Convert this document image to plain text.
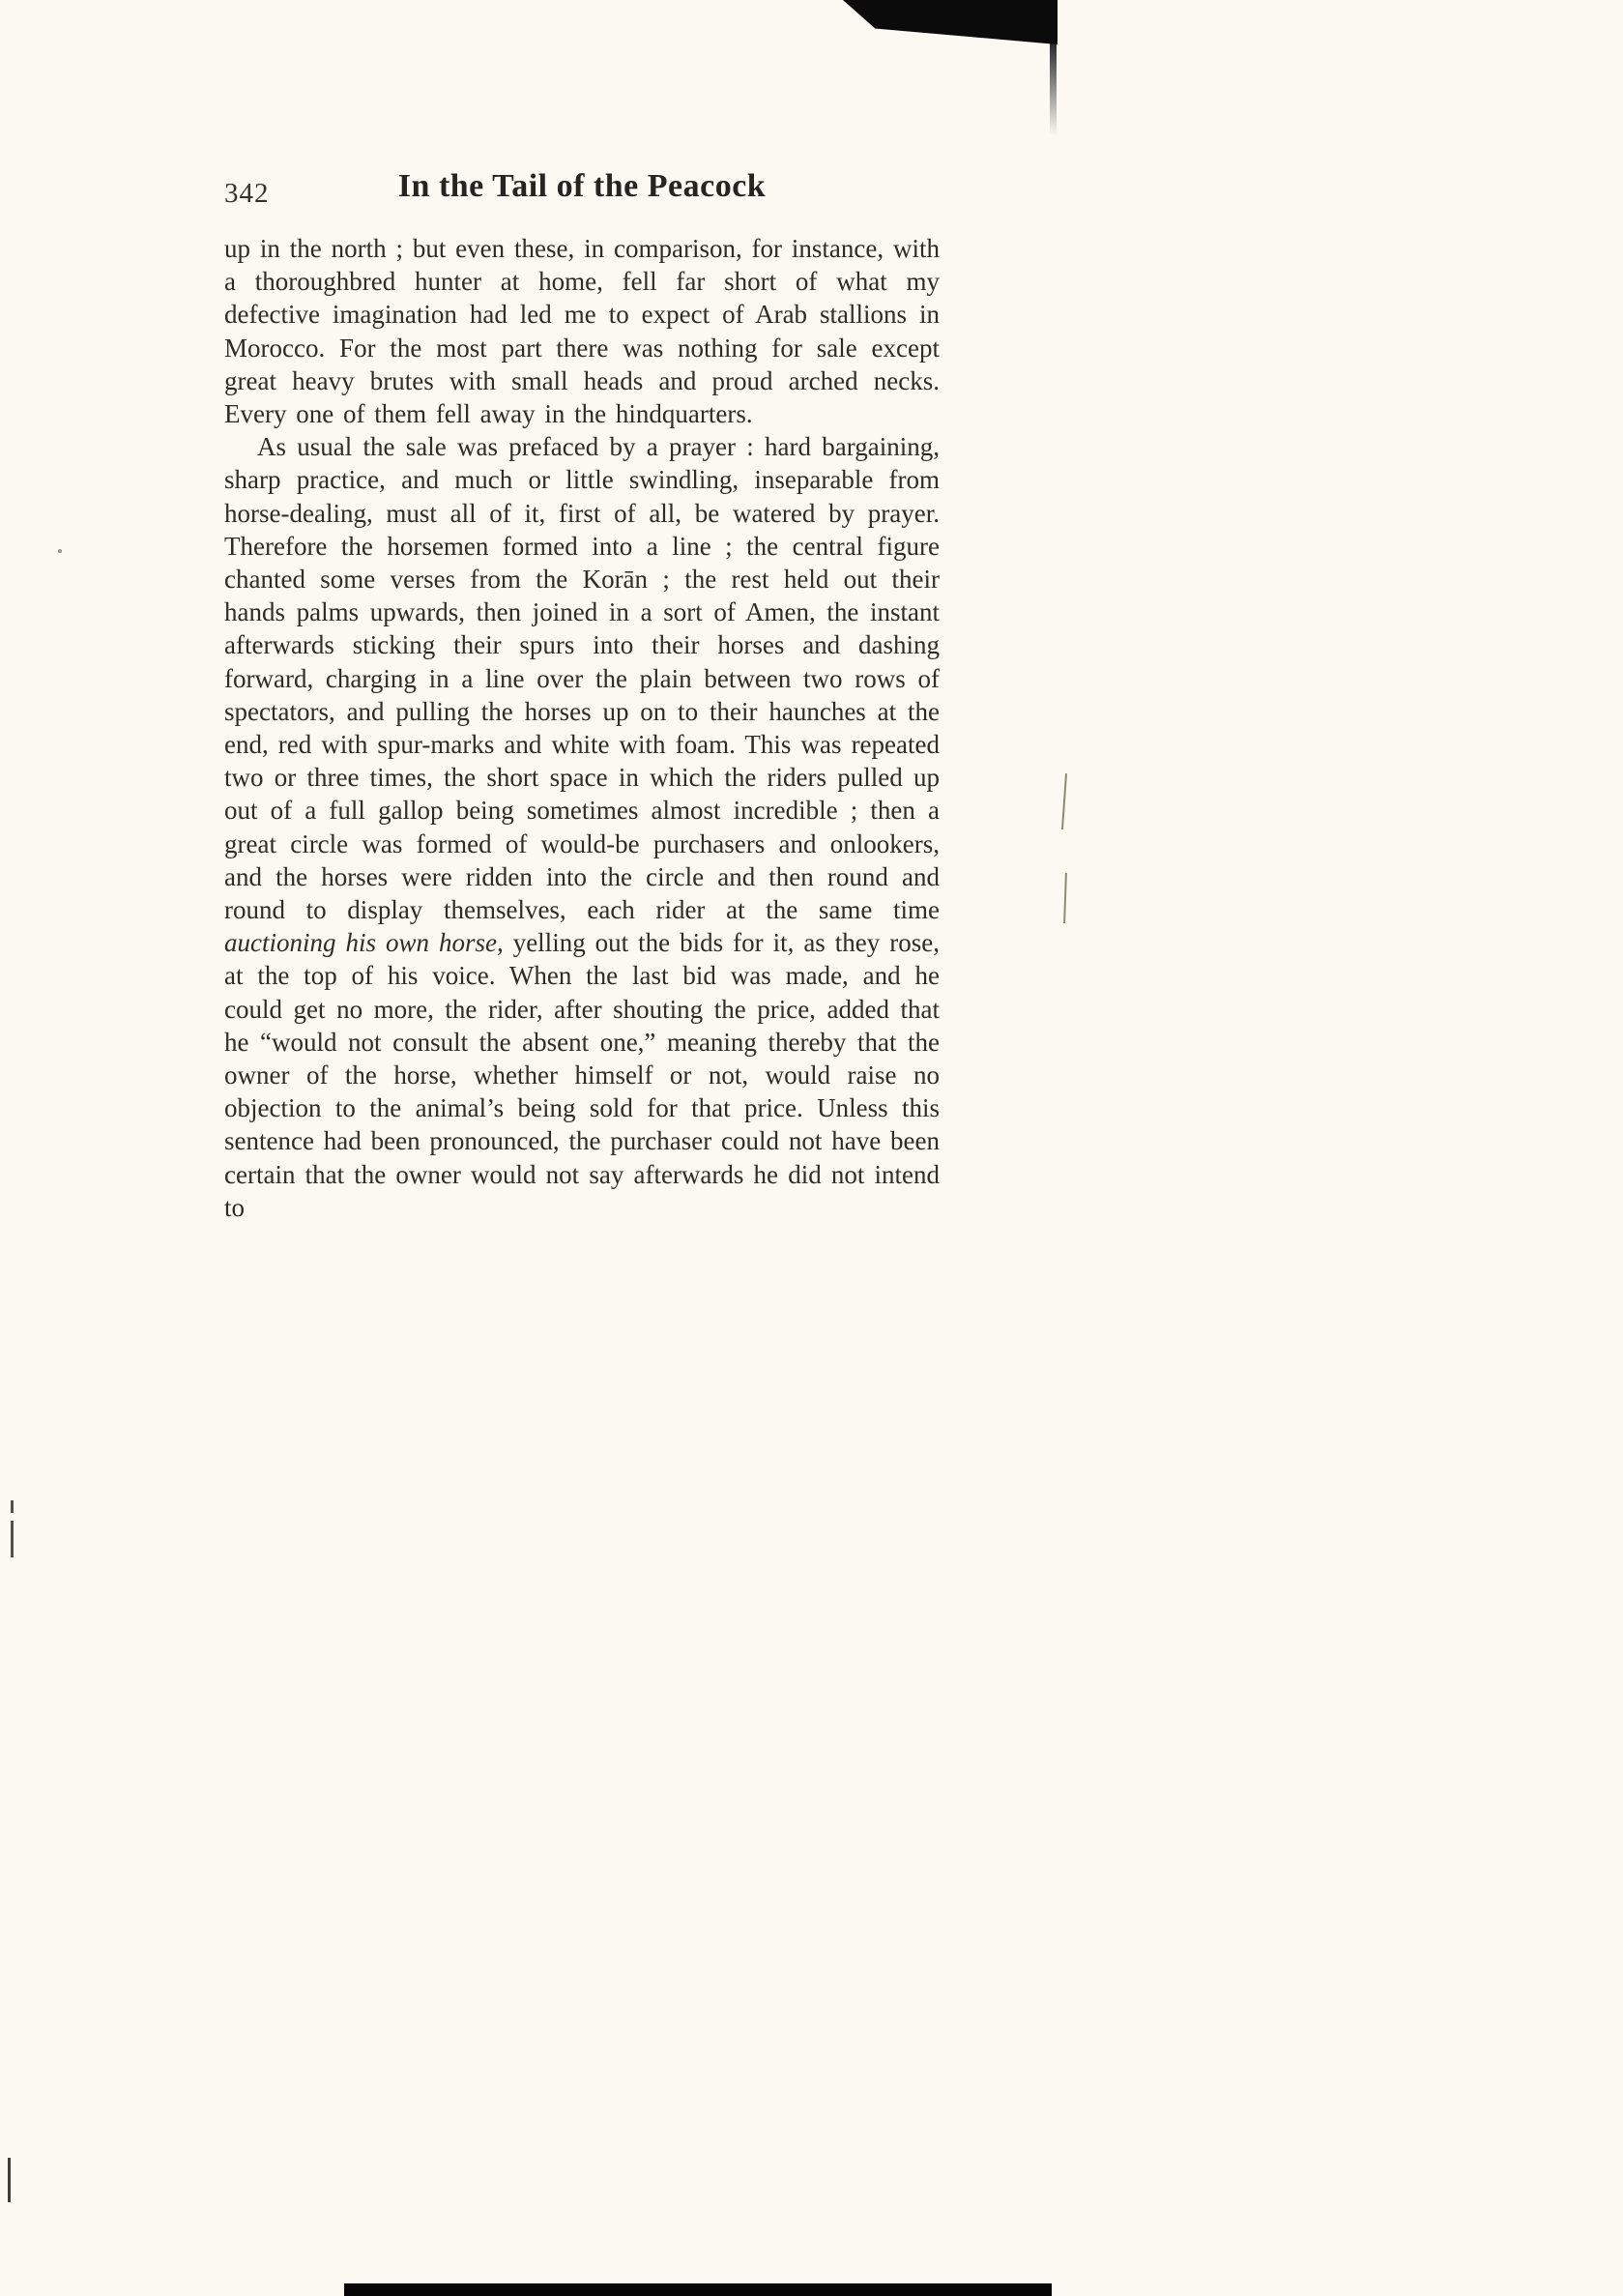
342	In the Tail of the Peacock

up in the north ; but even these, in comparison, for instance, with a thoroughbred hunter at home, fell far short of what my defective imagination had led me to expect of Arab stallions in Morocco. For the most part there was nothing for sale except great heavy brutes with small heads and proud arched necks. Every one of them fell away in the hindquarters.

As usual the sale was prefaced by a prayer : hard bargaining, sharp practice, and much or little swindling, inseparable from horse-dealing, must all of it, first of all, be watered by prayer. Therefore the horsemen formed into a line ; the central figure chanted some verses from the Korān ; the rest held out their hands palms upwards, then joined in a sort of Amen, the instant afterwards sticking their spurs into their horses and dashing forward, charging in a line over the plain between two rows of spectators, and pulling the horses up on to their haunches at the end, red with spur-marks and white with foam. This was repeated two or three times, the short space in which the riders pulled up out of a full gallop being sometimes almost incredible ; then a great circle was formed of would-be purchasers and onlookers, and the horses were ridden into the circle and then round and round to display themselves, each rider at the same time auctioning his own horse, yelling out the bids for it, as they rose, at the top of his voice. When the last bid was made, and he could get no more, the rider, after shouting the price, added that he “would not consult the absent one,” meaning thereby that the owner of the horse, whether himself or not, would raise no objection to the animal’s being sold for that price. Unless this sentence had been pronounced, the purchaser could not have been certain that the owner would not say afterwards he did not intend to
